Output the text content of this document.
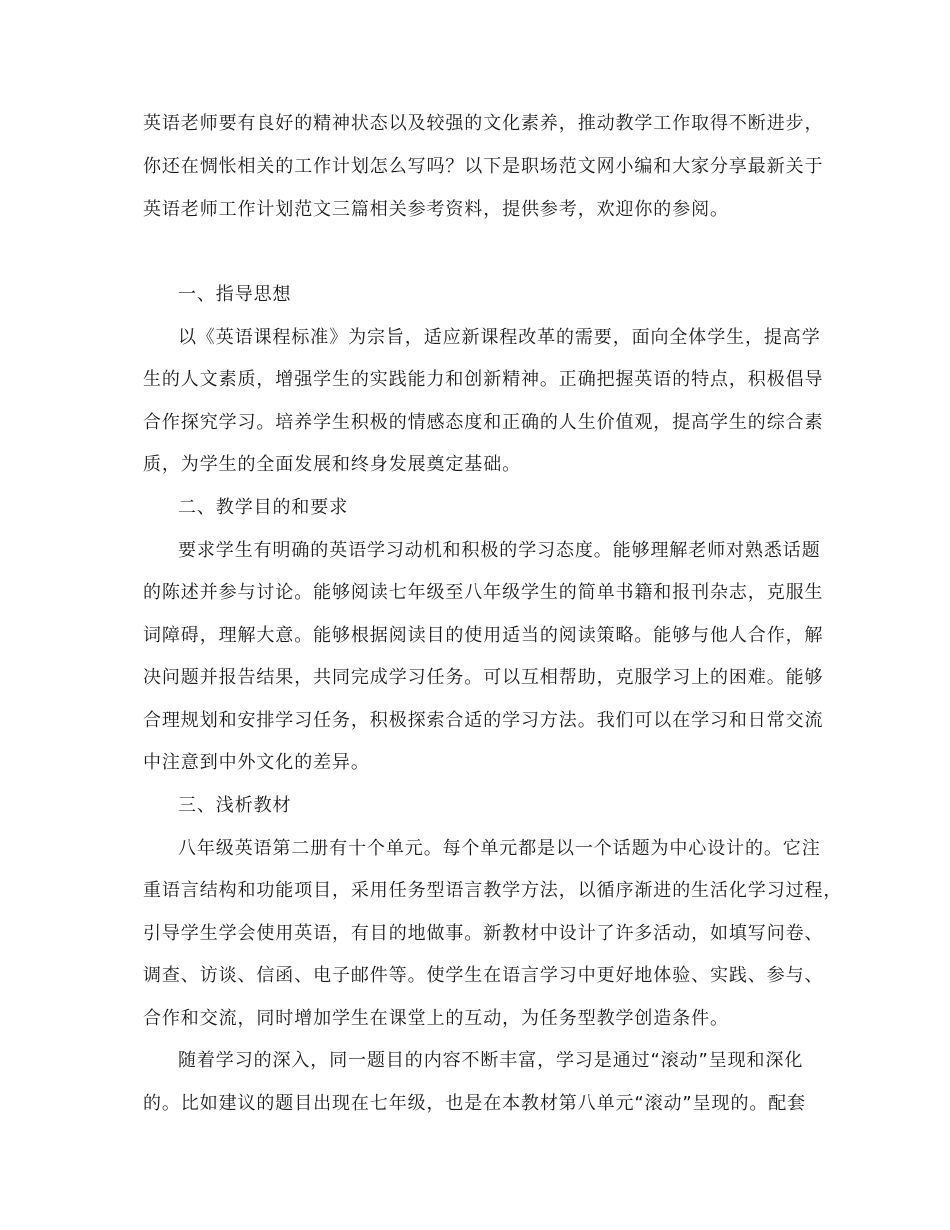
英语老师要有良好的精神状态以及较强的文化素养，推动教学工作取得不断进步，
你还在惆怅相关的工作计划怎么写吗？以下是职场范文网小编和大家分享最新关于
英语老师工作计划范文三篇相关参考资料，提供参考，欢迎你的参阅。
一、指导思想
以《英语课程标准》为宗旨，适应新课程改革的需要，面向全体学生，提高学
生的人文素质，增强学生的实践能力和创新精神。正确把握英语的特点，积极倡导
合作探究学习。培养学生积极的情感态度和正确的人生价值观，提高学生的综合素
质，为学生的全面发展和终身发展奠定基础。
二、教学目的和要求
要求学生有明确的英语学习动机和积极的学习态度。能够理解老师对熟悉话题
的陈述并参与讨论。能够阅读七年级至八年级学生的简单书籍和报刊杂志，克服生
词障碍，理解大意。能够根据阅读目的使用适当的阅读策略。能够与他人合作，解
决问题并报告结果，共同完成学习任务。可以互相帮助，克服学习上的困难。能够
合理规划和安排学习任务，积极探索合适的学习方法。我们可以在学习和日常交流
中注意到中外文化的差异。
三、浅析教材
八年级英语第二册有十个单元。每个单元都是以一个话题为中心设计的。它注
重语言结构和功能项目，采用任务型语言教学方法，以循序渐进的生活化学习过程，
引导学生学会使用英语，有目的地做事。新教材中设计了许多活动，如填写问卷、
调查、访谈、信函、电子邮件等。使学生在语言学习中更好地体验、实践、参与、
合作和交流，同时增加学生在课堂上的互动，为任务型教学创造条件。
随着学习的深入，同一题目的内容不断丰富，学习是通过“滚动”呈现和深化
的。比如建议的题目出现在七年级，也是在本教材第八单元“滚动”呈现的。配套
